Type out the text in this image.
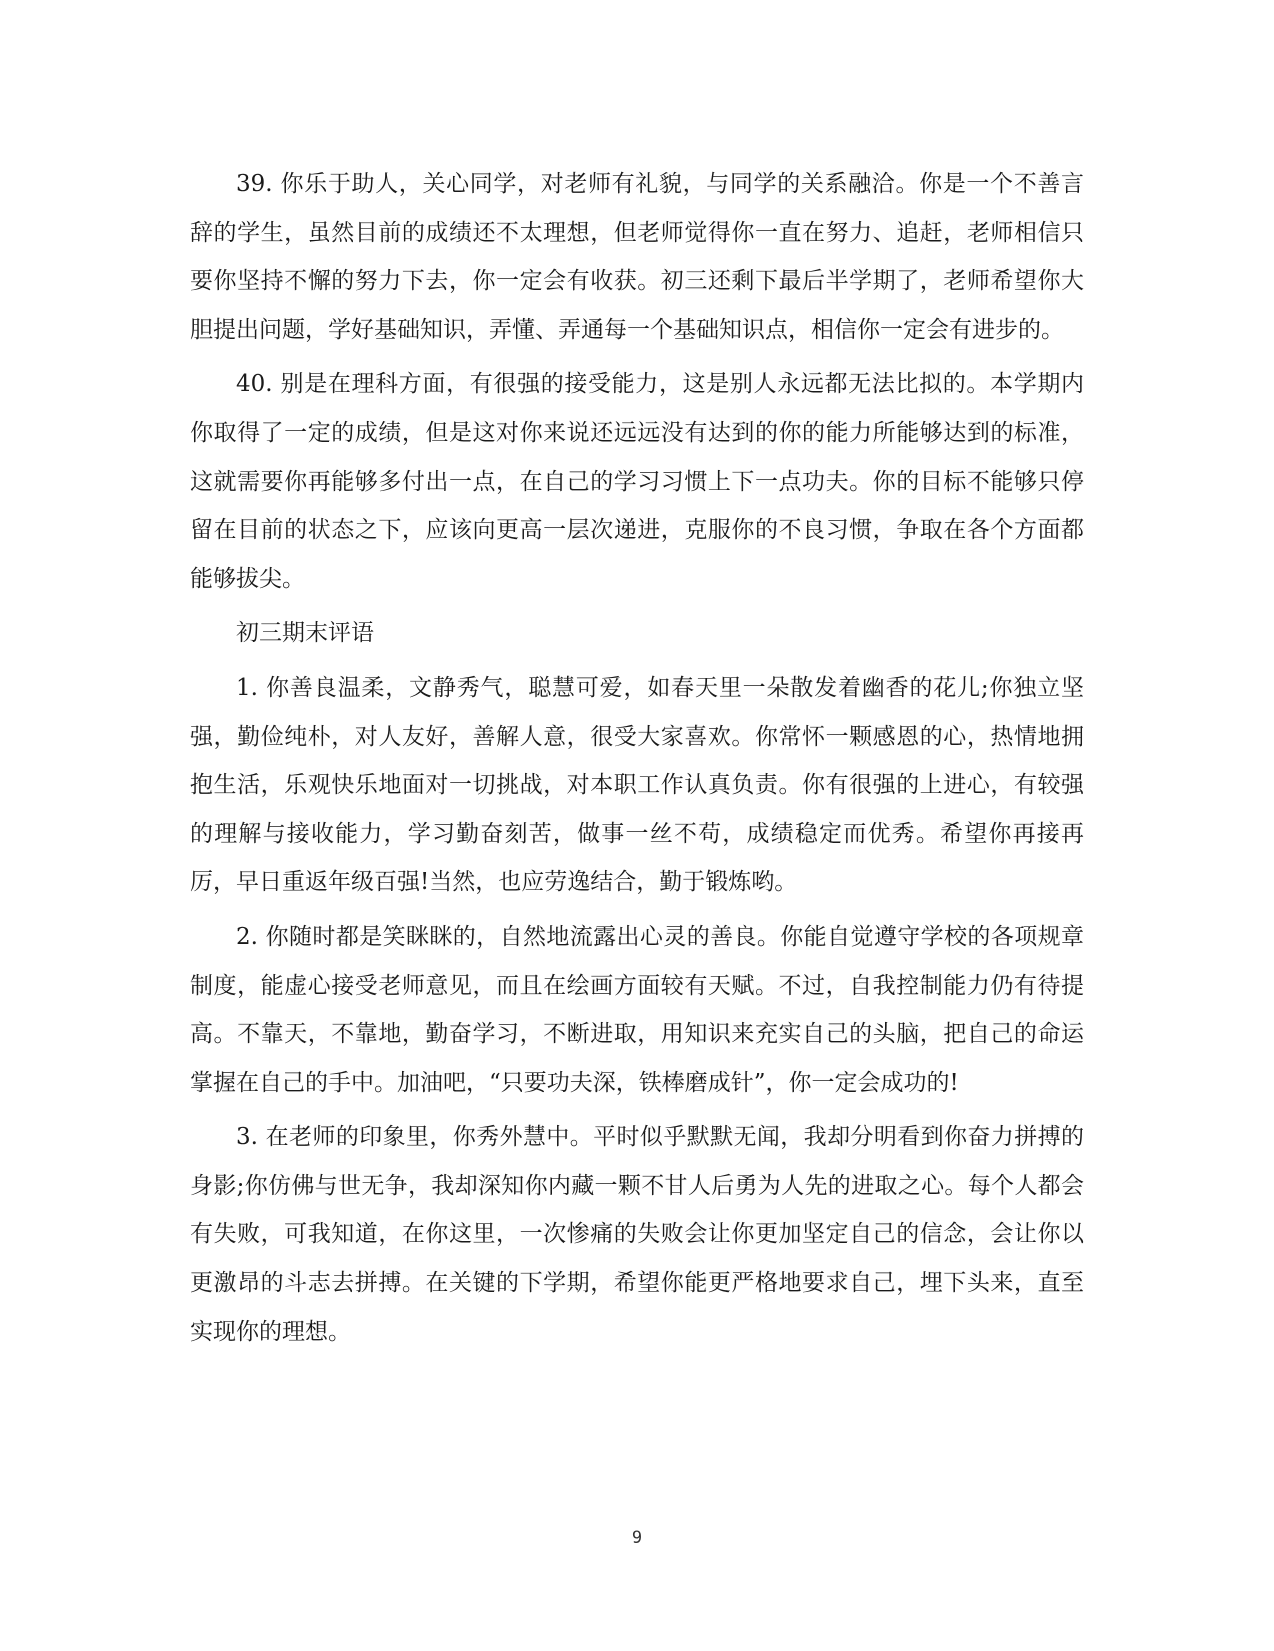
39. 你乐于助人，关心同学，对老师有礼貌，与同学的关系融洽。你是一个不善言辞的学生，虽然目前的成绩还不太理想，但老师觉得你一直在努力、追赶，老师相信只要你坚持不懈的努力下去，你一定会有收获。初三还剩下最后半学期了，老师希望你大胆提出问题，学好基础知识，弄懂、弄通每一个基础知识点，相信你一定会有进步的。

40. 别是在理科方面，有很强的接受能力，这是别人永远都无法比拟的。本学期内你取得了一定的成绩，但是这对你来说还远远没有达到的你的能力所能够达到的标准，这就需要你再能够多付出一点，在自己的学习习惯上下一点功夫。你的目标不能够只停留在目前的状态之下，应该向更高一层次递进，克服你的不良习惯，争取在各个方面都能够拔尖。

初三期末评语

1. 你善良温柔，文静秀气，聪慧可爱，如春天里一朵散发着幽香的花儿;你独立坚强，勤俭纯朴，对人友好，善解人意，很受大家喜欢。你常怀一颗感恩的心，热情地拥抱生活，乐观快乐地面对一切挑战，对本职工作认真负责。你有很强的上进心，有较强的理解与接收能力，学习勤奋刻苦，做事一丝不苟，成绩稳定而优秀。希望你再接再厉，早日重返年级百强!当然，也应劳逸结合，勤于锻炼哟。

2. 你随时都是笑眯眯的，自然地流露出心灵的善良。你能自觉遵守学校的各项规章制度，能虚心接受老师意见，而且在绘画方面较有天赋。不过，自我控制能力仍有待提高。不靠天，不靠地，勤奋学习，不断进取，用知识来充实自己的头脑，把自己的命运掌握在自己的手中。加油吧，“只要功夫深，铁棒磨成针”，你一定会成功的!

3. 在老师的印象里，你秀外慧中。平时似乎默默无闻，我却分明看到你奋力拼搏的身影;你仿佛与世无争，我却深知你内藏一颗不甘人后勇为人先的进取之心。每个人都会有失败，可我知道，在你这里，一次惨痛的失败会让你更加坚定自己的信念，会让你以更激昂的斗志去拼搏。在关键的下学期，希望你能更严格地要求自己，埋下头来，直至实现你的理想。

9
